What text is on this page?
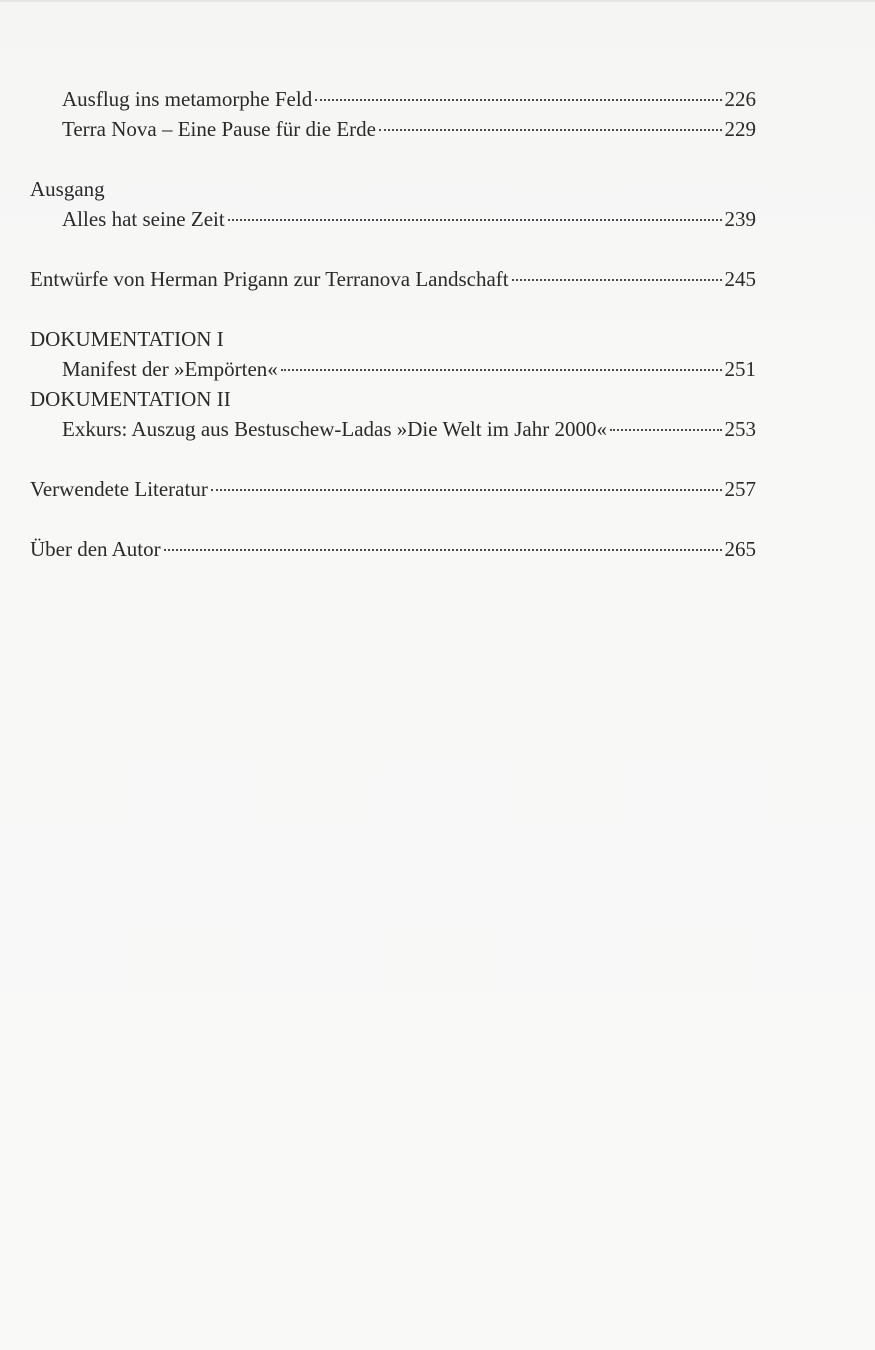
Ausflug ins metamorphe Feld	226
Terra Nova – Eine Pause für die Erde	229
Ausgang
Alles hat seine Zeit	239
Entwürfe von Herman Prigann zur Terranova Landschaft	245
DOKUMENTATION I
Manifest der »Empörten«	251
DOKUMENTATION II
Exkurs: Auszug aus Bestuschew-Ladas »Die Welt im Jahr 2000«	253
Verwendete Literatur	257
Über den Autor	265
